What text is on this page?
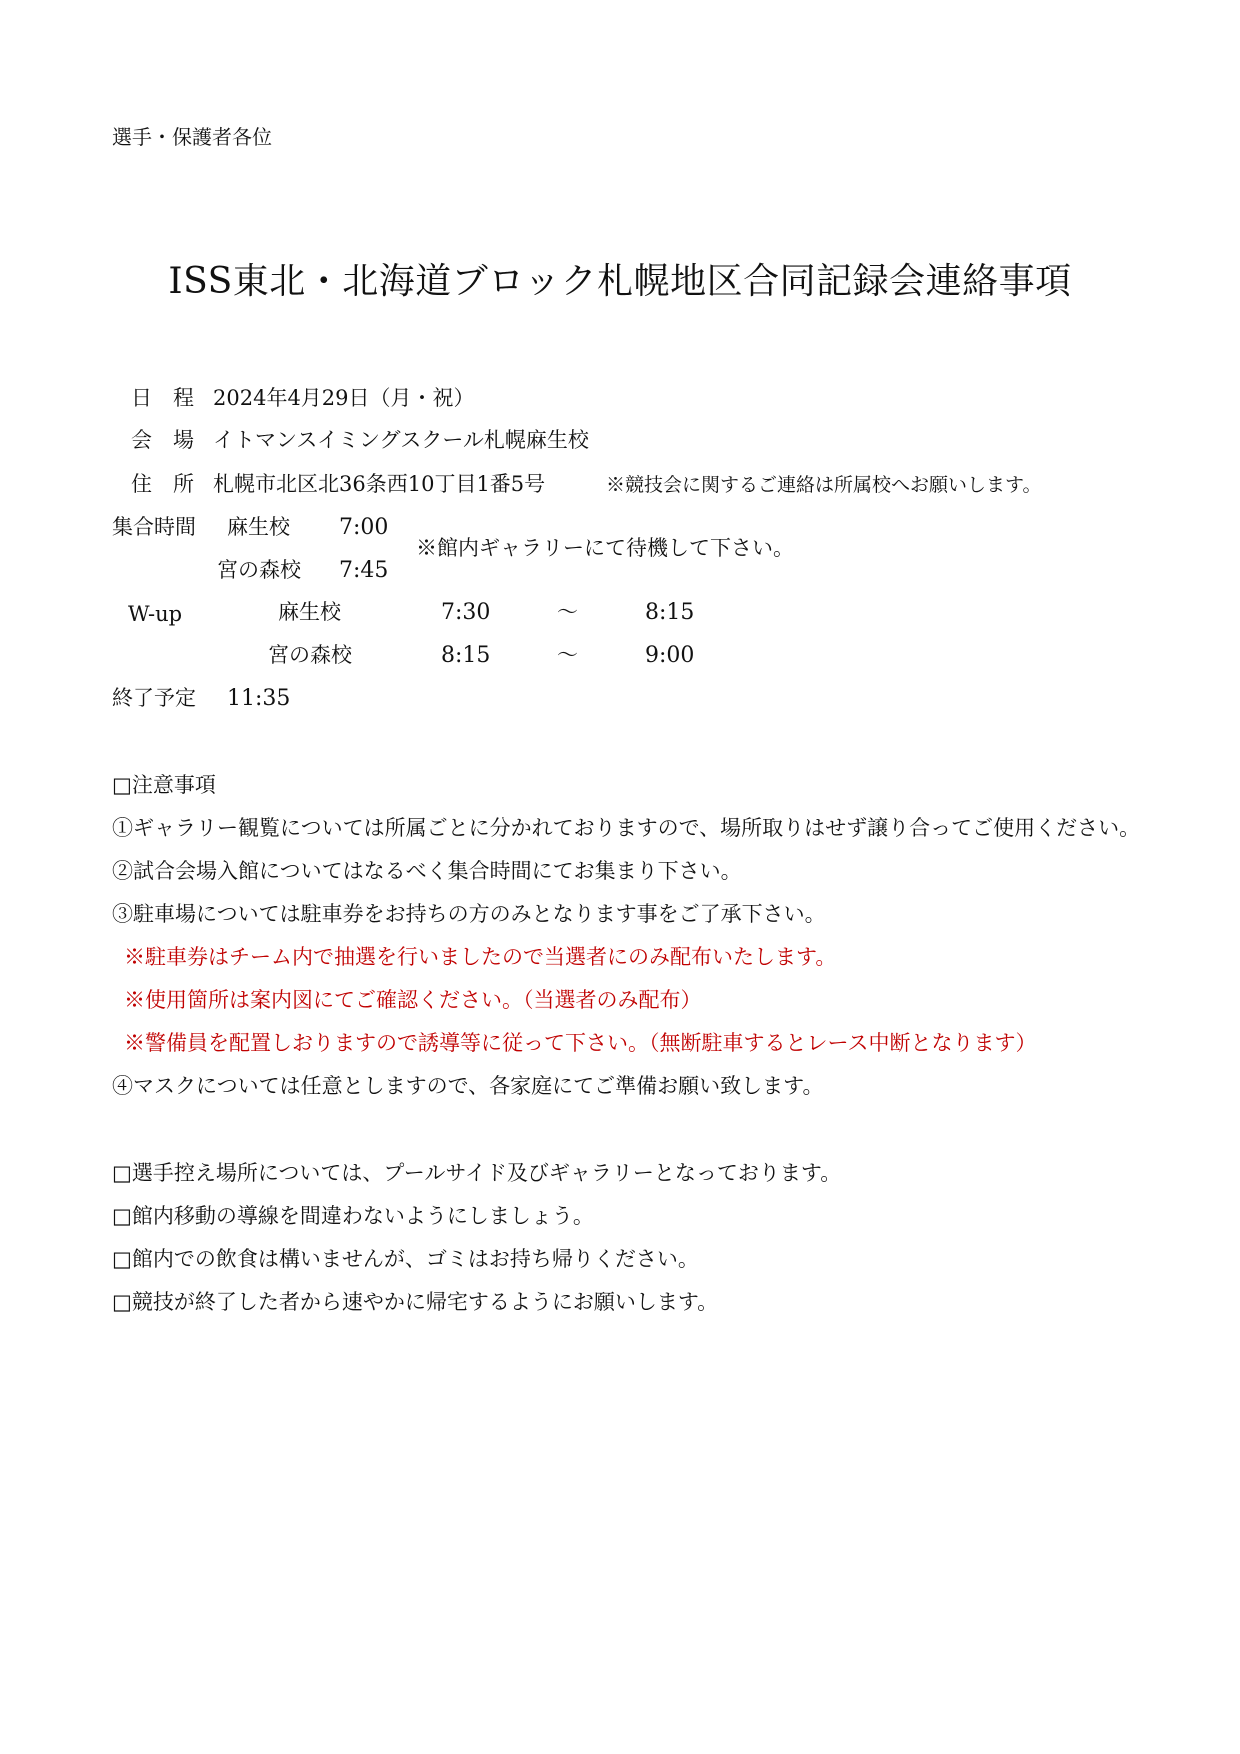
選手・保護者各位
ISS東北・北海道ブロック札幌地区合同記録会連絡事項
日　程 2024年4月29日（月・祝）
会　場 イトマンスイミングスクール札幌麻生校
住　所 札幌市北区北36条西10丁目1番5号	※競技会に関するご連絡は所属校へお願いします。
集合時間 麻生校 7:00
宮の森校 7:45
※館内ギャラリーにて待機して下さい。
W-up	麻生校	7:30	～	8:15
宮の森校	8:15	～	9:00
終了予定 11:35
□注意事項
①ギャラリー観覧については所属ごとに分かれておりますので、場所取りはせず譲り合ってご使用ください。
②試合会場入館についてはなるべく集合時間にてお集まり下さい。
③駐車場については駐車券をお持ちの方のみとなります事をご了承下さい。
※駐車券はチーム内で抽選を行いましたので当選者にのみ配布いたします。
※使用箇所は案内図にてご確認ください。（当選者のみ配布）
※警備員を配置しおりますので誘導等に従って下さい。（無断駐車するとレース中断となります）
④マスクについては任意としますので、各家庭にてご準備お願い致します。
□選手控え場所については、プールサイド及びギャラリーとなっております。
□館内移動の導線を間違わないようにしましょう。
□館内での飲食は構いませんが、ゴミはお持ち帰りください。
□競技が終了した者から速やかに帰宅するようにお願いします。
